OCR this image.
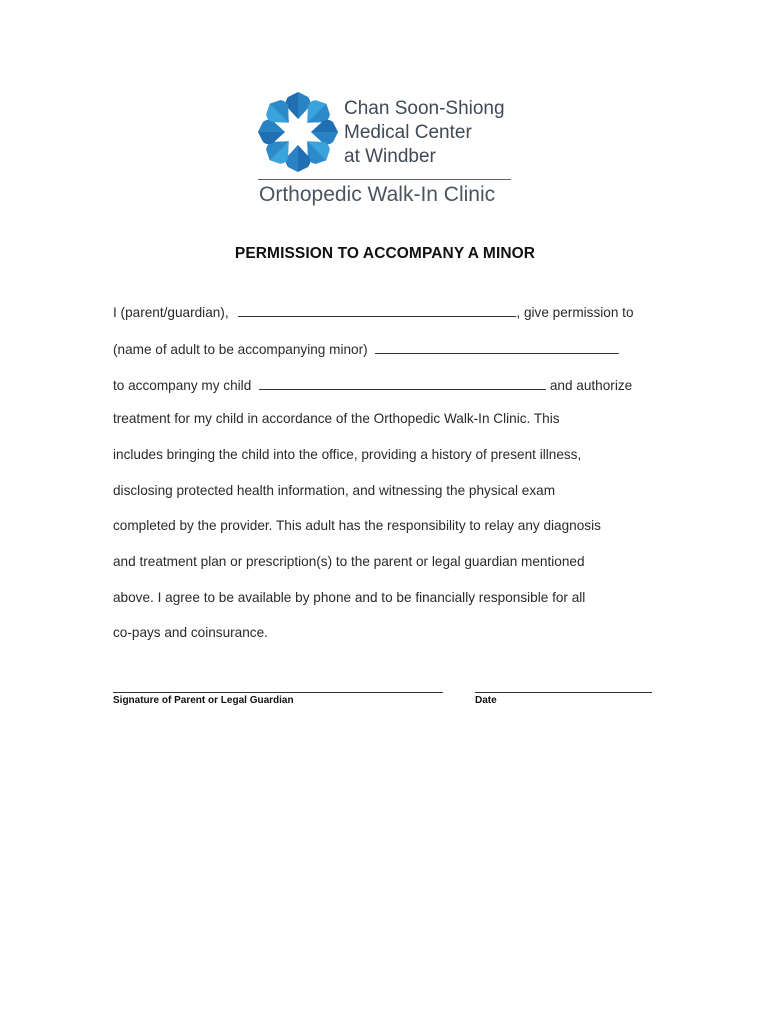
Chan Soon-Shiong
Medical Center
at Windber
Orthopedic Walk-In Clinic
PERMISSION TO ACCOMPANY A MINOR
I (parent/guardian),	, give permission to
(name of adult to be accompanying minor)
to accompany my child	and authorize
treatment for my child in accordance of the Orthopedic Walk-In Clinic. This
includes bringing the child into the office, providing a history of present illness,
disclosing protected health information, and witnessing the physical exam
completed by the provider. This adult has the responsibility to relay any diagnosis
and treatment plan or prescription(s) to the parent or legal guardian mentioned
above. I agree to be available by phone and to be financially responsible for all
co-pays and coinsurance.
Signature of Parent or Legal Guardian	Date
